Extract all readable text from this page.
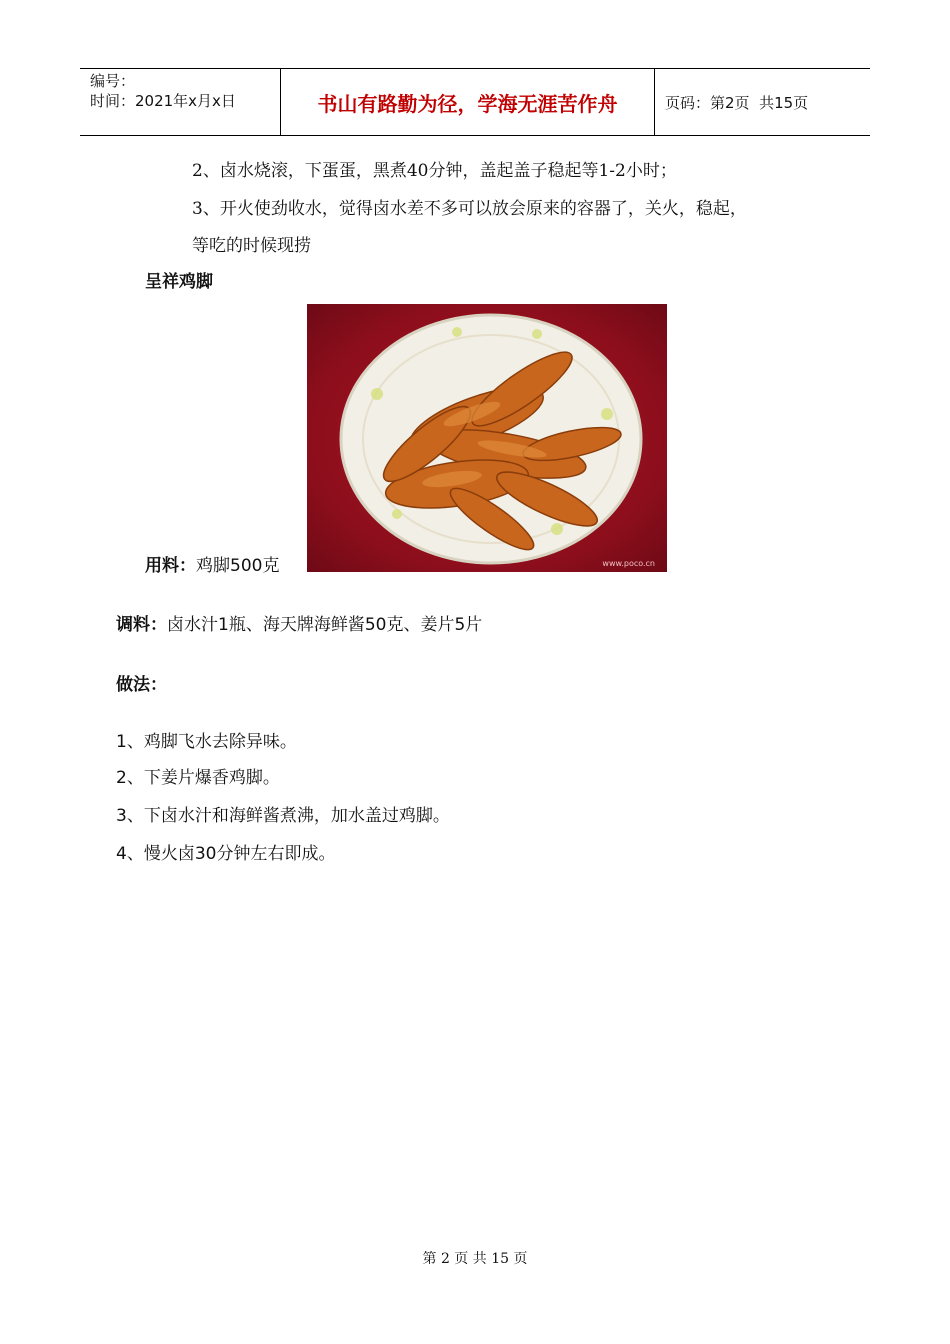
编号：
时间：2021年x月x日	书山有路勤为径，学海无涯苦作舟	页码：第2页  共15页
2、卤水烧滚，下蛋蛋，黑煮40分钟，盖起盖子稳起等1-2小时；
3、开火使劲收水，觉得卤水差不多可以放会原来的容器了，关火，稳起，
等吃的时候现捞
呈祥鸡脚
www.poco.cn
用料：鸡脚500克
调料：卤水汁1瓶、海天牌海鲜酱50克、姜片5片
做法：
1、鸡脚飞水去除异味。
2、下姜片爆香鸡脚。
3、下卤水汁和海鲜酱煮沸，加水盖过鸡脚。
4、慢火卤30分钟左右即成。
第 2 页 共 15 页
